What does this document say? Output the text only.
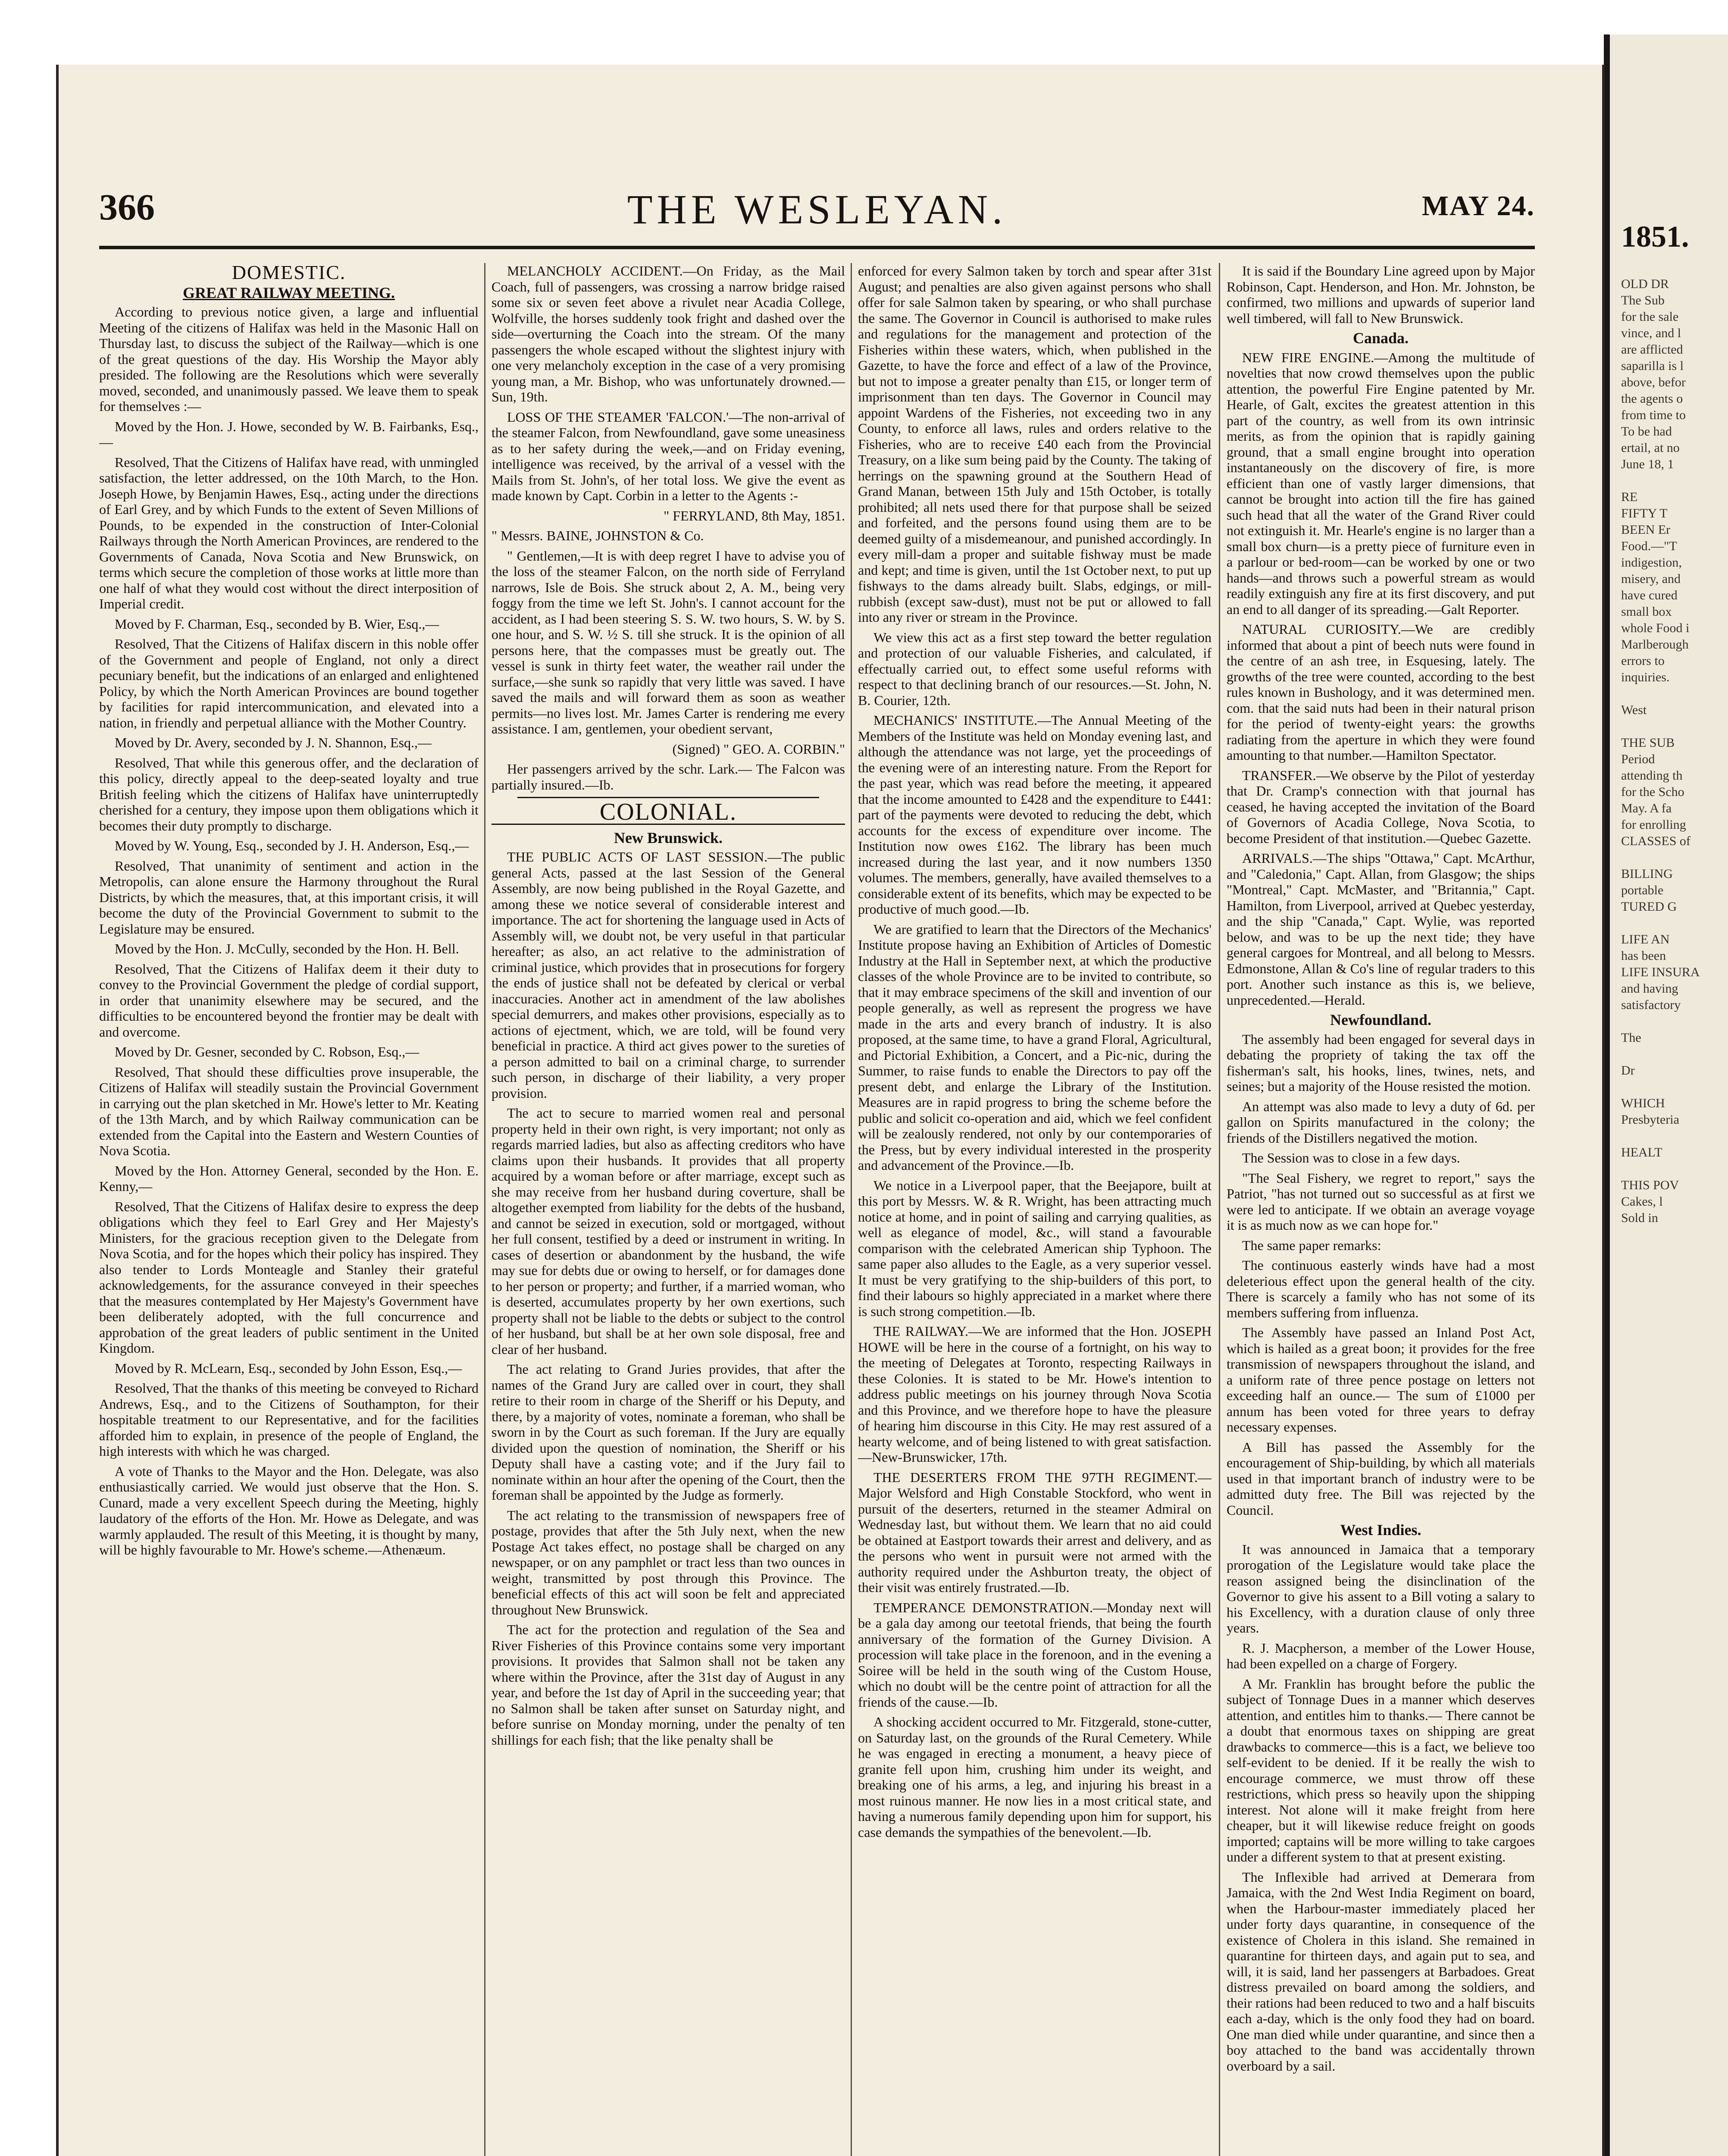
1851.
OLD DR
The Sub
for the sale
vince, and l
are afflicted
saparilla is l
above, befor
the agents o
from time to
To be had
ertail, at no
June 18, 1

RE
FIFTY T
BEEN Er
Food.—"T
indigestion,
misery, and
have cured
small box
whole Food i
Marlberough
errors to
inquiries.

West

THE SUB
Period
attending th
for the Scho
May. A fa
for enrolling
CLASSES of

BILLING
portable
TURED G

LIFE AN
has been
LIFE INSURA
and having
satisfactory

The

Dr

WHICH
Presbyteria

HEALT

THIS POV
Cakes, l
Sold in
THE WESLEYAN.
366	MAY 24.
DOMESTIC.
GREAT RAILWAY MEETING.

According to previous notice given, a large and influential Meeting of the citizens of Halifax was held in the Masonic Hall on Thursday last, to discuss the subject of the Railway—which is one of the great questions of the day. His Worship the Mayor ably presided. The following are the Resolutions which were severally moved, seconded, and unanimously passed. We leave them to speak for themselves :—

Moved by the Hon. J. Howe, seconded by W. B. Fairbanks, Esq.,—

Resolved, That the Citizens of Halifax have read, with unmingled satisfaction, the letter addressed, on the 10th March, to the Hon. Joseph Howe, by Benjamin Hawes, Esq., acting under the directions of Earl Grey, and by which Funds to the extent of Seven Millions of Pounds, to be expended in the construction of Inter-Colonial Railways through the North American Provinces, are rendered to the Governments of Canada, Nova Scotia and New Brunswick, on terms which secure the completion of those works at little more than one half of what they would cost without the direct interposition of Imperial credit.

Moved by F. Charman, Esq., seconded by B. Wier, Esq.,—

Resolved, That the Citizens of Halifax discern in this noble offer of the Government and people of England, not only a direct pecuniary benefit, but the indications of an enlarged and enlightened Policy, by which the North American Provinces are bound together by facilities for rapid intercommunication, and elevated into a nation, in friendly and perpetual alliance with the Mother Country.

Moved by Dr. Avery, seconded by J. N. Shannon, Esq.,—

Resolved, That while this generous offer, and the declaration of this policy, directly appeal to the deep-seated loyalty and true British feeling which the citizens of Halifax have uninterruptedly cherished for a century, they impose upon them obligations which it becomes their duty promptly to discharge.

Moved by W. Young, Esq., seconded by J. H. Anderson, Esq.,—

Resolved, That unanimity of sentiment and action in the Metropolis, can alone ensure the Harmony throughout the Rural Districts, by which the measures, that, at this important crisis, it will become the duty of the Provincial Government to submit to the Legislature may be ensured.

Moved by the Hon. J. McCully, seconded by the Hon. H. Bell.

Resolved, That the Citizens of Halifax deem it their duty to convey to the Provincial Government the pledge of cordial support, in order that unanimity elsewhere may be secured, and the difficulties to be encountered beyond the frontier may be dealt with and overcome.

Moved by Dr. Gesner, seconded by C. Robson, Esq.,—

Resolved, That should these difficulties prove insuperable, the Citizens of Halifax will steadily sustain the Provincial Government in carrying out the plan sketched in Mr. Howe's letter to Mr. Keating of the 13th March, and by which Railway communication can be extended from the Capital into the Eastern and Western Counties of Nova Scotia.

Moved by the Hon. Attorney General, seconded by the Hon. E. Kenny,—

Resolved, That the Citizens of Halifax desire to express the deep obligations which they feel to Earl Grey and Her Majesty's Ministers, for the gracious reception given to the Delegate from Nova Scotia, and for the hopes which their policy has inspired. They also tender to Lords Monteagle and Stanley their grateful acknowledgements, for the assurance conveyed in their speeches that the measures contemplated by Her Majesty's Government have been deliberately adopted, with the full concurrence and approbation of the great leaders of public sentiment in the United Kingdom.

Moved by R. McLearn, Esq., seconded by John Esson, Esq.,—

Resolved, That the thanks of this meeting be conveyed to Richard Andrews, Esq., and to the Citizens of Southampton, for their hospitable treatment to our Representative, and for the facilities afforded him to explain, in presence of the people of England, the high interests with which he was charged.

A vote of Thanks to the Mayor and the Hon. Delegate, was also enthusiastically carried. We would just observe that the Hon. S. Cunard, made a very excellent Speech during the Meeting, highly laudatory of the efforts of the Hon. Mr. Howe as Delegate, and was warmly applauded. The result of this Meeting, it is thought by many, will be highly favourable to Mr. Howe's scheme.—Athenæum.

MELANCHOLY ACCIDENT.—On Friday, as the Mail Coach, full of passengers, was crossing a narrow bridge raised some six or seven feet above a rivulet near Acadia College, Wolfville, the horses suddenly took fright and dashed over the side—overturning the Coach into the stream. Of the many passengers the whole escaped without the slightest injury with one very melancholy exception in the case of a very promising young man, a Mr. Bishop, who was unfortunately drowned.—Sun, 19th.

LOSS OF THE STEAMER 'FALCON.'—The non-arrival of the steamer Falcon, from Newfoundland, gave some uneasiness as to her safety during the week,—and on Friday evening, intelligence was received, by the arrival of a vessel with the Mails from St. John's, of her total loss. We give the event as made known by Capt. Corbin in a letter to the Agents :-

" FERRYLAND, 8th May, 1851.

" Messrs. BAINE, JOHNSTON & Co.

" Gentlemen,—It is with deep regret I have to advise you of the loss of the steamer Falcon, on the north side of Ferryland narrows, Isle de Bois. She struck about 2, A. M., being very foggy from the time we left St. John's. I cannot account for the accident, as I had been steering S. S. W. two hours, S. W. by S. one hour, and S. W. ½ S. till she struck. It is the opinion of all persons here, that the compasses must be greatly out. The vessel is sunk in thirty feet water, the weather rail under the surface,—she sunk so rapidly that very little was saved. I have saved the mails and will forward them as soon as weather permits—no lives lost. Mr. James Carter is rendering me every assistance. I am, gentlemen, your obedient servant,

(Signed) " GEO. A. CORBIN."

Her passengers arrived by the schr. Lark.— The Falcon was partially insured.—Ib.

COLONIAL.
New Brunswick.

THE PUBLIC ACTS OF LAST SESSION.—The public general Acts, passed at the last Session of the General Assembly, are now being published in the Royal Gazette, and among these we notice several of considerable interest and importance. The act for shortening the language used in Acts of Assembly will, we doubt not, be very useful in that particular hereafter; as also, an act relative to the administration of criminal justice, which provides that in prosecutions for forgery the ends of justice shall not be defeated by clerical or verbal inaccuracies. Another act in amendment of the law abolishes special demurrers, and makes other provisions, especially as to actions of ejectment, which, we are told, will be found very beneficial in practice. A third act gives power to the sureties of a person admitted to bail on a criminal charge, to surrender such person, in discharge of their liability, a very proper provision.

The act to secure to married women real and personal property held in their own right, is very important; not only as regards married ladies, but also as affecting creditors who have claims upon their husbands. It provides that all property acquired by a woman before or after marriage, except such as she may receive from her husband during coverture, shall be altogether exempted from liability for the debts of the husband, and cannot be seized in execution, sold or mortgaged, without her full consent, testified by a deed or instrument in writing. In cases of desertion or abandonment by the husband, the wife may sue for debts due or owing to herself, or for damages done to her person or property; and further, if a married woman, who is deserted, accumulates property by her own exertions, such property shall not be liable to the debts or subject to the control of her husband, but shall be at her own sole disposal, free and clear of her husband.

The act relating to Grand Juries provides, that after the names of the Grand Jury are called over in court, they shall retire to their room in charge of the Sheriff or his Deputy, and there, by a majority of votes, nominate a foreman, who shall be sworn in by the Court as such foreman. If the Jury are equally divided upon the question of nomination, the Sheriff or his Deputy shall have a casting vote; and if the Jury fail to nominate within an hour after the opening of the Court, then the foreman shall be appointed by the Judge as formerly.

The act relating to the transmission of newspapers free of postage, provides that after the 5th July next, when the new Postage Act takes effect, no postage shall be charged on any newspaper, or on any pamphlet or tract less than two ounces in weight, transmitted by post through this Province. The beneficial effects of this act will soon be felt and appreciated throughout New Brunswick.

The act for the protection and regulation of the Sea and River Fisheries of this Province contains some very important provisions. It provides that Salmon shall not be taken any where within the Province, after the 31st day of August in any year, and before the 1st day of April in the succeeding year; that no Salmon shall be taken after sunset on Saturday night, and before sunrise on Monday morning, under the penalty of ten shillings for each fish; that the like penalty shall be

enforced for every Salmon taken by torch and spear after 31st August; and penalties are also given against persons who shall offer for sale Salmon taken by spearing, or who shall purchase the same. The Governor in Council is authorised to make rules and regulations for the management and protection of the Fisheries within these waters, which, when published in the Gazette, to have the force and effect of a law of the Province, but not to impose a greater penalty than £15, or longer term of imprisonment than ten days. The Governor in Council may appoint Wardens of the Fisheries, not exceeding two in any County, to enforce all laws, rules and orders relative to the Fisheries, who are to receive £40 each from the Provincial Treasury, on a like sum being paid by the County. The taking of herrings on the spawning ground at the Southern Head of Grand Manan, between 15th July and 15th October, is totally prohibited; all nets used there for that purpose shall be seized and forfeited, and the persons found using them are to be deemed guilty of a misdemeanour, and punished accordingly. In every mill-dam a proper and suitable fishway must be made and kept; and time is given, until the 1st October next, to put up fishways to the dams already built. Slabs, edgings, or mill-rubbish (except saw-dust), must not be put or allowed to fall into any river or stream in the Province.

We view this act as a first step toward the better regulation and protection of our valuable Fisheries, and calculated, if effectually carried out, to effect some useful reforms with respect to that declining branch of our resources.—St. John, N. B. Courier, 12th.

MECHANICS' INSTITUTE.—The Annual Meeting of the Members of the Institute was held on Monday evening last, and although the attendance was not large, yet the proceedings of the evening were of an interesting nature. From the Report for the past year, which was read before the meeting, it appeared that the income amounted to £428 and the expenditure to £441: part of the payments were devoted to reducing the debt, which accounts for the excess of expenditure over income. The Institution now owes £162. The library has been much increased during the last year, and it now numbers 1350 volumes. The members, generally, have availed themselves to a considerable extent of its benefits, which may be expected to be productive of much good.—Ib.

We are gratified to learn that the Directors of the Mechanics' Institute propose having an Exhibition of Articles of Domestic Industry at the Hall in September next, at which the productive classes of the whole Province are to be invited to contribute, so that it may embrace specimens of the skill and invention of our people generally, as well as represent the progress we have made in the arts and every branch of industry. It is also proposed, at the same time, to have a grand Floral, Agricultural, and Pictorial Exhibition, a Concert, and a Pic-nic, during the Summer, to raise funds to enable the Directors to pay off the present debt, and enlarge the Library of the Institution. Measures are in rapid progress to bring the scheme before the public and solicit co-operation and aid, which we feel confident will be zealously rendered, not only by our contemporaries of the Press, but by every individual interested in the prosperity and advancement of the Province.—Ib.

We notice in a Liverpool paper, that the Beejapore, built at this port by Messrs. W. & R. Wright, has been attracting much notice at home, and in point of sailing and carrying qualities, as well as elegance of model, &c., will stand a favourable comparison with the celebrated American ship Typhoon. The same paper also alludes to the Eagle, as a very superior vessel. It must be very gratifying to the ship-builders of this port, to find their labours so highly appreciated in a market where there is such strong competition.—Ib.

THE RAILWAY.—We are informed that the Hon. JOSEPH HOWE will be here in the course of a fortnight, on his way to the meeting of Delegates at Toronto, respecting Railways in these Colonies. It is stated to be Mr. Howe's intention to address public meetings on his journey through Nova Scotia and this Province, and we therefore hope to have the pleasure of hearing him discourse in this City. He may rest assured of a hearty welcome, and of being listened to with great satisfaction.—New-Brunswicker, 17th.

THE DESERTERS FROM THE 97TH REGIMENT.—Major Welsford and High Constable Stockford, who went in pursuit of the deserters, returned in the steamer Admiral on Wednesday last, but without them. We learn that no aid could be obtained at Eastport towards their arrest and delivery, and as the persons who went in pursuit were not armed with the authority required under the Ashburton treaty, the object of their visit was entirely frustrated.—Ib.

TEMPERANCE DEMONSTRATION.—Monday next will be a gala day among our teetotal friends, that being the fourth anniversary of the formation of the Gurney Division. A procession will take place in the forenoon, and in the evening a Soiree will be held in the south wing of the Custom House, which no doubt will be the centre point of attraction for all the friends of the cause.—Ib.

A shocking accident occurred to Mr. Fitzgerald, stone-cutter, on Saturday last, on the grounds of the Rural Cemetery. While he was engaged in erecting a monument, a heavy piece of granite fell upon him, crushing him under its weight, and breaking one of his arms, a leg, and injuring his breast in a most ruinous manner. He now lies in a most critical state, and having a numerous family depending upon him for support, his case demands the sympathies of the benevolent.—Ib.

It is said if the Boundary Line agreed upon by Major Robinson, Capt. Henderson, and Hon. Mr. Johnston, be confirmed, two millions and upwards of superior land well timbered, will fall to New Brunswick.

Canada.

NEW FIRE ENGINE.—Among the multitude of novelties that now crowd themselves upon the public attention, the powerful Fire Engine patented by Mr. Hearle, of Galt, excites the greatest attention in this part of the country, as well from its own intrinsic merits, as from the opinion that is rapidly gaining ground, that a small engine brought into operation instantaneously on the discovery of fire, is more efficient than one of vastly larger dimensions, that cannot be brought into action till the fire has gained such head that all the water of the Grand River could not extinguish it. Mr. Hearle's engine is no larger than a small box churn—is a pretty piece of furniture even in a parlour or bed-room—can be worked by one or two hands—and throws such a powerful stream as would readily extinguish any fire at its first discovery, and put an end to all danger of its spreading.—Galt Reporter.

NATURAL CURIOSITY.—We are credibly informed that about a pint of beech nuts were found in the centre of an ash tree, in Esquesing, lately. The growths of the tree were counted, according to the best rules known in Bushology, and it was determined men. com. that the said nuts had been in their natural prison for the period of twenty-eight years: the growths radiating from the aperture in which they were found amounting to that number.—Hamilton Spectator.

TRANSFER.—We observe by the Pilot of yesterday that Dr. Cramp's connection with that journal has ceased, he having accepted the invitation of the Board of Governors of Acadia College, Nova Scotia, to become President of that institution.—Quebec Gazette.

ARRIVALS.—The ships "Ottawa," Capt. McArthur, and "Caledonia," Capt. Allan, from Glasgow; the ships "Montreal," Capt. McMaster, and "Britannia," Capt. Hamilton, from Liverpool, arrived at Quebec yesterday, and the ship "Canada," Capt. Wylie, was reported below, and was to be up the next tide; they have general cargoes for Montreal, and all belong to Messrs. Edmonstone, Allan & Co's line of regular traders to this port. Another such instance as this is, we believe, unprecedented.—Herald.

Newfoundland.

The assembly had been engaged for several days in debating the propriety of taking the tax off the fisherman's salt, his hooks, lines, twines, nets, and seines; but a majority of the House resisted the motion.

An attempt was also made to levy a duty of 6d. per gallon on Spirits manufactured in the colony; the friends of the Distillers negatived the motion.

The Session was to close in a few days.

"The Seal Fishery, we regret to report," says the Patriot, "has not turned out so successful as at first we were led to anticipate. If we obtain an average voyage it is as much now as we can hope for."

The same paper remarks:

The continuous easterly winds have had a most deleterious effect upon the general health of the city. There is scarcely a family who has not some of its members suffering from influenza.

The Assembly have passed an Inland Post Act, which is hailed as a great boon; it provides for the free transmission of newspapers throughout the island, and a uniform rate of three pence postage on letters not exceeding half an ounce.— The sum of £1000 per annum has been voted for three years to defray necessary expenses.

A Bill has passed the Assembly for the encouragement of Ship-building, by which all materials used in that important branch of industry were to be admitted duty free. The Bill was rejected by the Council.

West Indies.

It was announced in Jamaica that a temporary prorogation of the Legislature would take place the reason assigned being the disinclination of the Governor to give his assent to a Bill voting a salary to his Excellency, with a duration clause of only three years.

R. J. Macpherson, a member of the Lower House, had been expelled on a charge of Forgery.

A Mr. Franklin has brought before the public the subject of Tonnage Dues in a manner which deserves attention, and entitles him to thanks.— There cannot be a doubt that enormous taxes on shipping are great drawbacks to commerce—this is a fact, we believe too self-evident to be denied. If it be really the wish to encourage commerce, we must throw off these restrictions, which press so heavily upon the shipping interest. Not alone will it make freight from here cheaper, but it will likewise reduce freight on goods imported; captains will be more willing to take cargoes under a different system to that at present existing.

The Inflexible had arrived at Demerara from Jamaica, with the 2nd West India Regiment on board, when the Harbour-master immediately placed her under forty days quarantine, in consequence of the existence of Cholera in this island. She remained in quarantine for thirteen days, and again put to sea, and will, it is said, land her passengers at Barbadoes. Great distress prevailed on board among the soldiers, and their rations had been reduced to two and a half biscuits each a-day, which is the only food they had on board. One man died while under quarantine, and since then a boy attached to the band was accidentally thrown overboard by a sail.
